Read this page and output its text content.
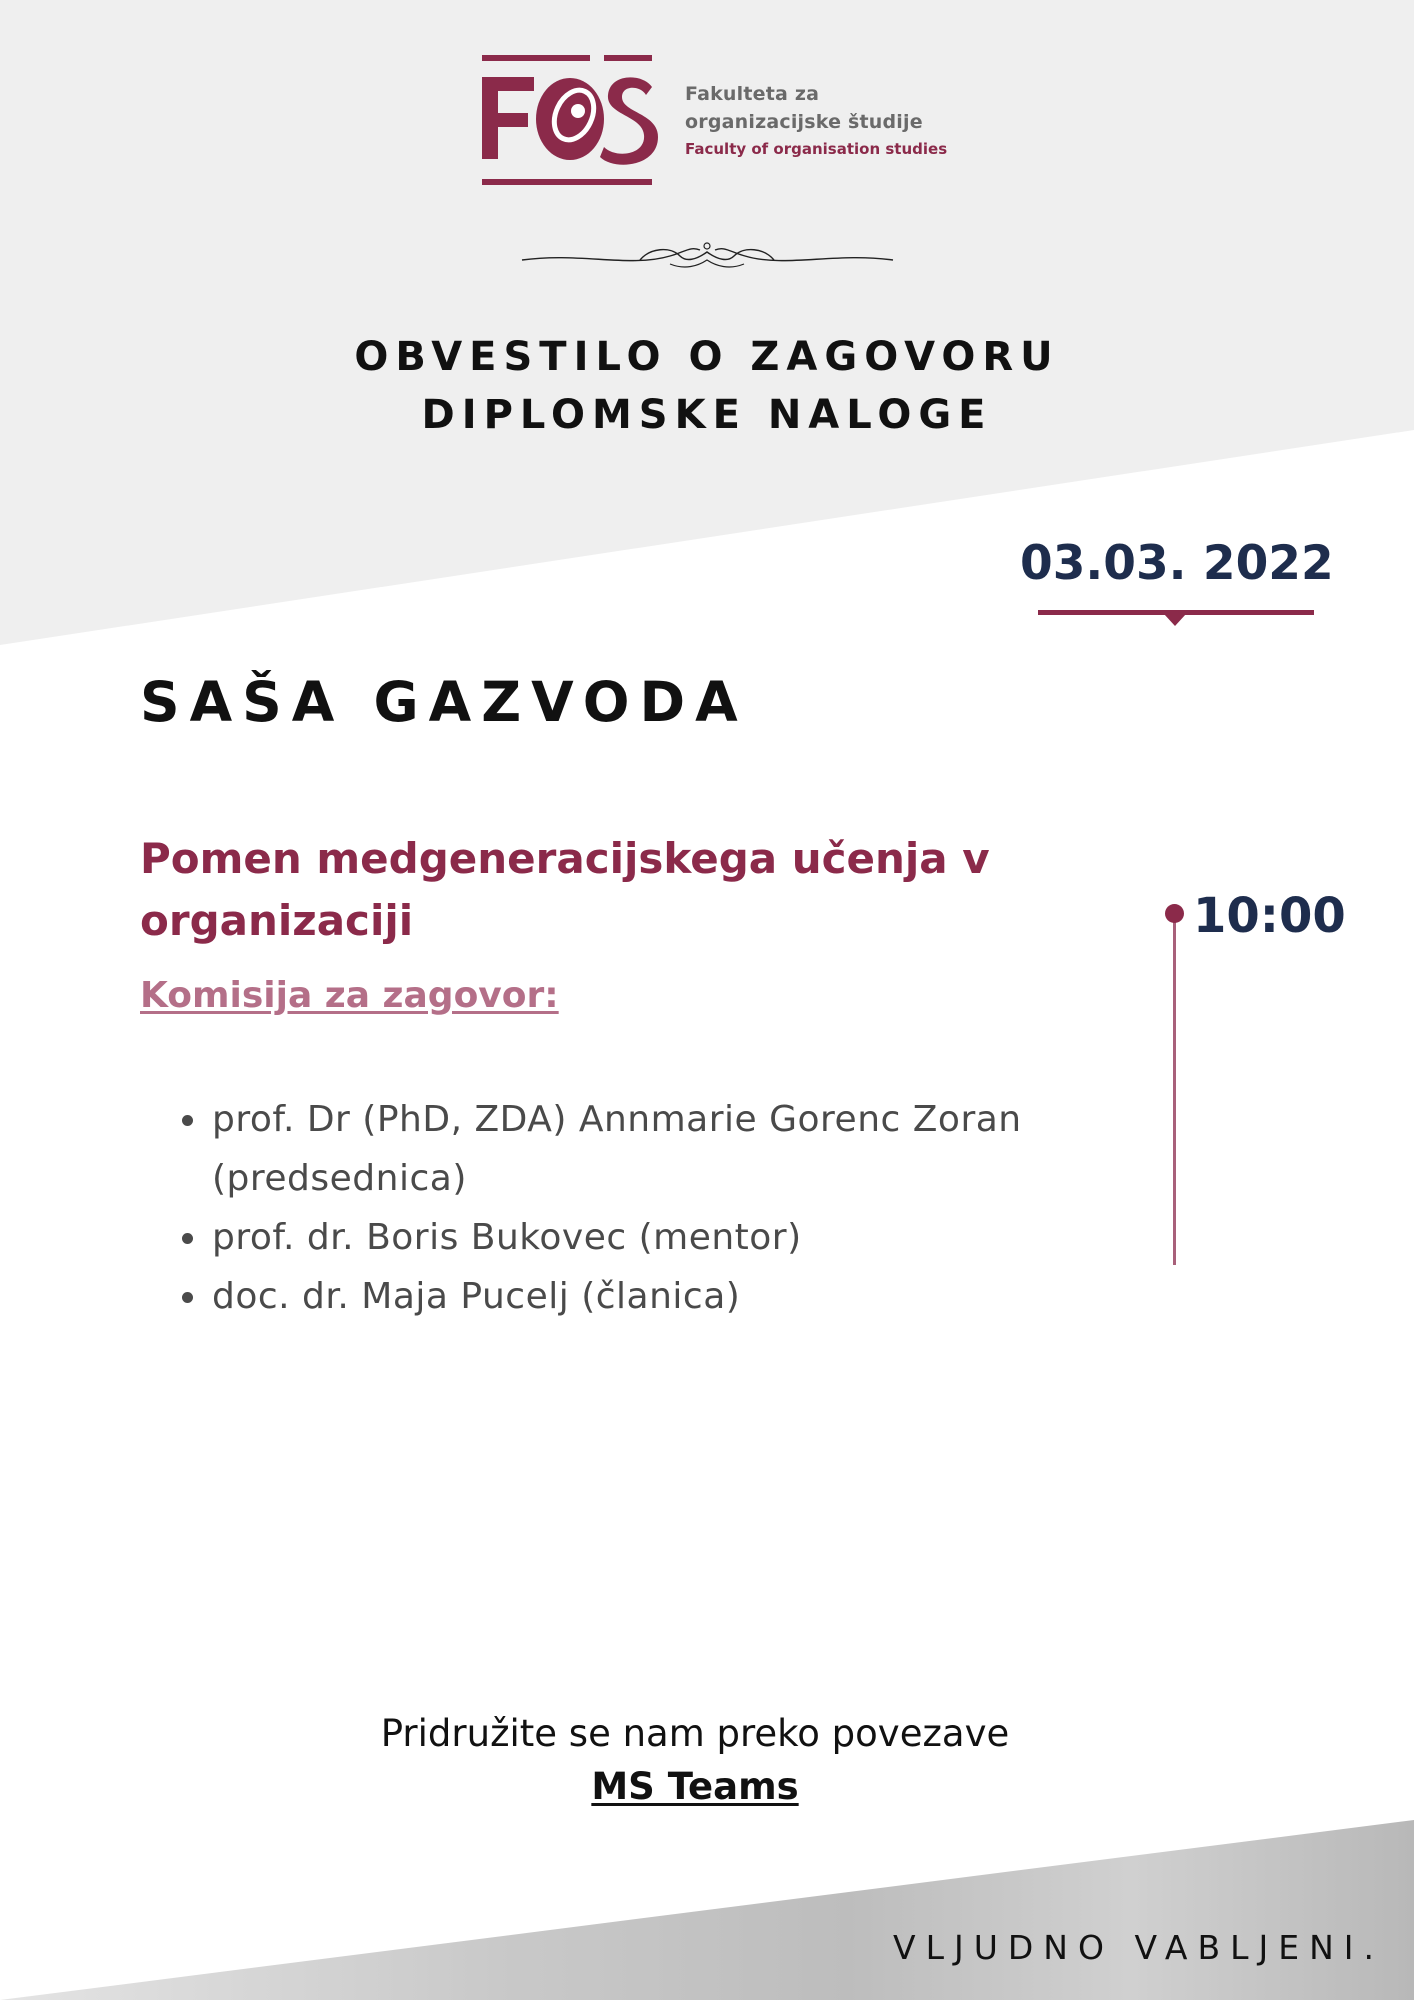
Fakulteta za
organizacijske študije
Faculty of organisation studies
OBVESTILO O ZAGOVORU
DIPLOMSKE NALOGE
03.03. 2022
SAŠA GAZVODA
Pomen medgeneracijskega učenja v organizaciji
Komisija za zagovor:
• prof. Dr (PhD, ZDA) Annmarie Gorenc Zoran (predsednica)
• prof. dr. Boris Bukovec (mentor)
• doc. dr. Maja Pucelj (članica)
10:00
Pridružite se nam preko povezave
MS Teams
VLJUDNO VABLJENI.
